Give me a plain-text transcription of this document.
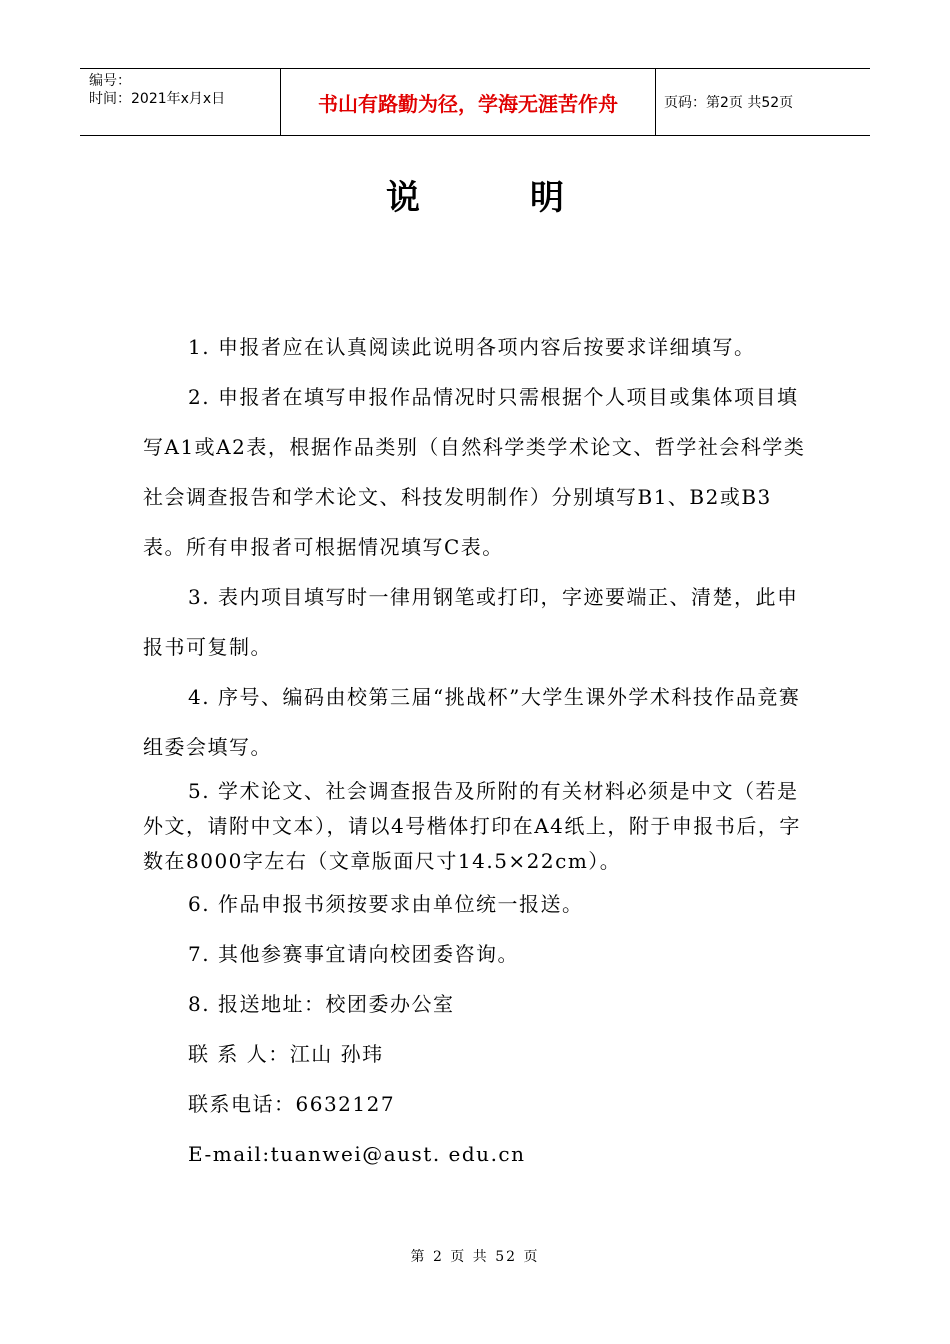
编号：
时间：2021年x月x日	书山有路勤为径，学海无涯苦作舟	页码：第2页 共52页
说明

1. 申报者应在认真阅读此说明各项内容后按要求详细填写。

2. 申报者在填写申报作品情况时只需根据个人项目或集体项目填写A1或A2表，根据作品类别（自然科学类学术论文、哲学社会科学类社会调查报告和学术论文、科技发明制作）分别填写B1、B2或B3表。所有申报者可根据情况填写C表。

3. 表内项目填写时一律用钢笔或打印，字迹要端正、清楚，此申报书可复制。

4. 序号、编码由校第三届“挑战杯”大学生课外学术科技作品竞赛组委会填写。

5. 学术论文、社会调查报告及所附的有关材料必须是中文（若是外文，请附中文本），请以4号楷体打印在A4纸上，附于申报书后，字数在8000字左右（文章版面尺寸14.5×22cm）。

6. 作品申报书须按要求由单位统一报送。

7. 其他参赛事宜请向校团委咨询。

8. 报送地址：校团委办公室

联 系 人：江山 孙玮

联系电话：6632127

E-mail:tuanwei@aust. edu.cn

第 2 页 共 52 页
